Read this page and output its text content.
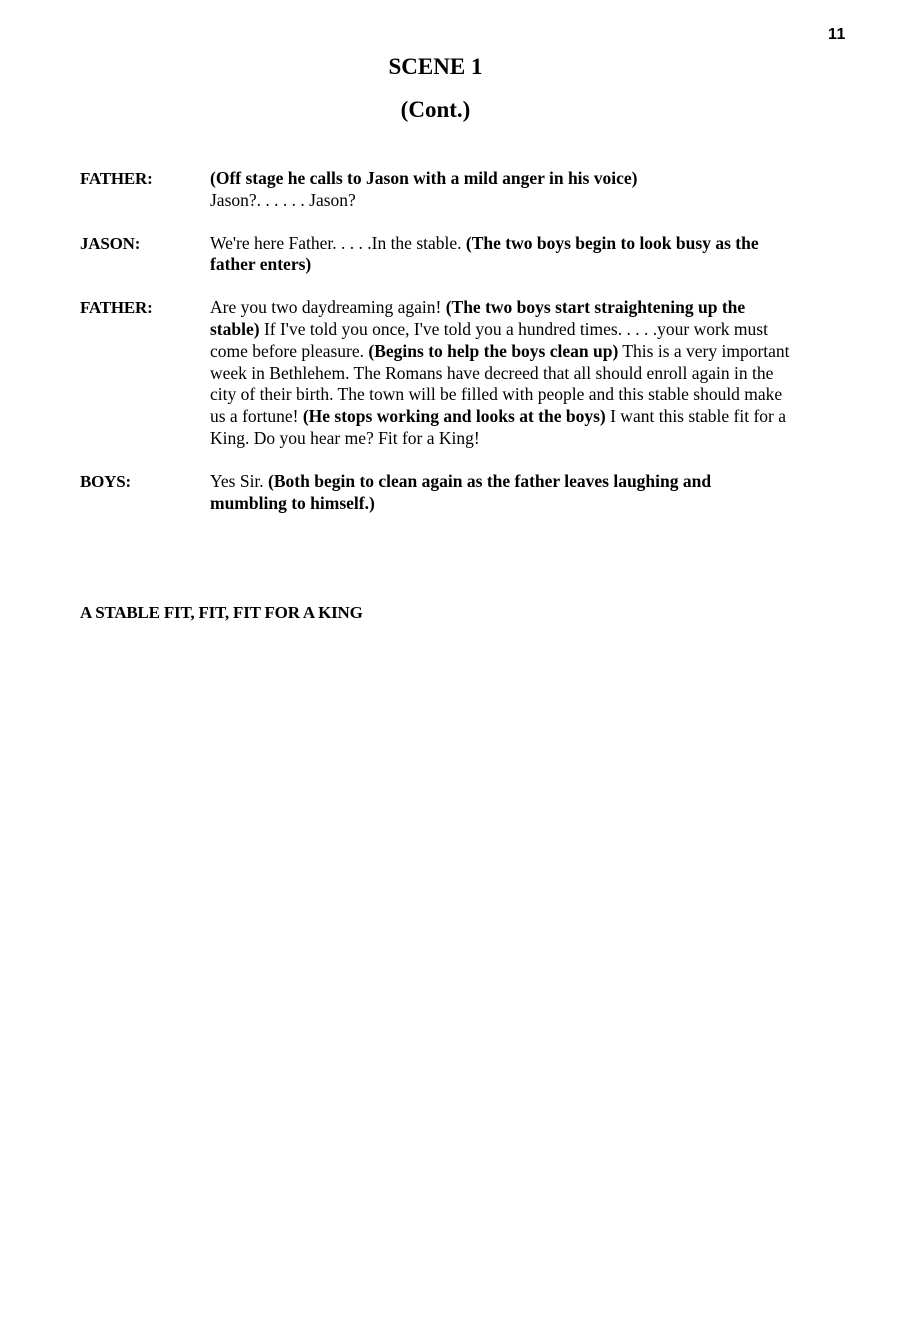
11
SCENE 1
(Cont.)
FATHER:	(Off stage he calls to Jason with a mild anger in his voice)
Jason?. . . . . . Jason?
JASON:	We're here Father. . . . .In the stable. (The two boys begin to look busy as the father enters)
FATHER:	Are you two daydreaming again! (The two boys start straightening up the stable) If I've told you once, I've told you a hundred times. . . . .your work must come before pleasure. (Begins to help the boys clean up) This is a very important week in Bethlehem. The Romans have decreed that all should enroll again in the city of their birth. The town will be filled with people and this stable should make us a fortune! (He stops working and looks at the boys) I want this stable fit for a King. Do you hear me? Fit for a King!
BOYS:	Yes Sir. (Both begin to clean again as the father leaves laughing and mumbling to himself.)
A STABLE FIT, FIT, FIT FOR A KING
